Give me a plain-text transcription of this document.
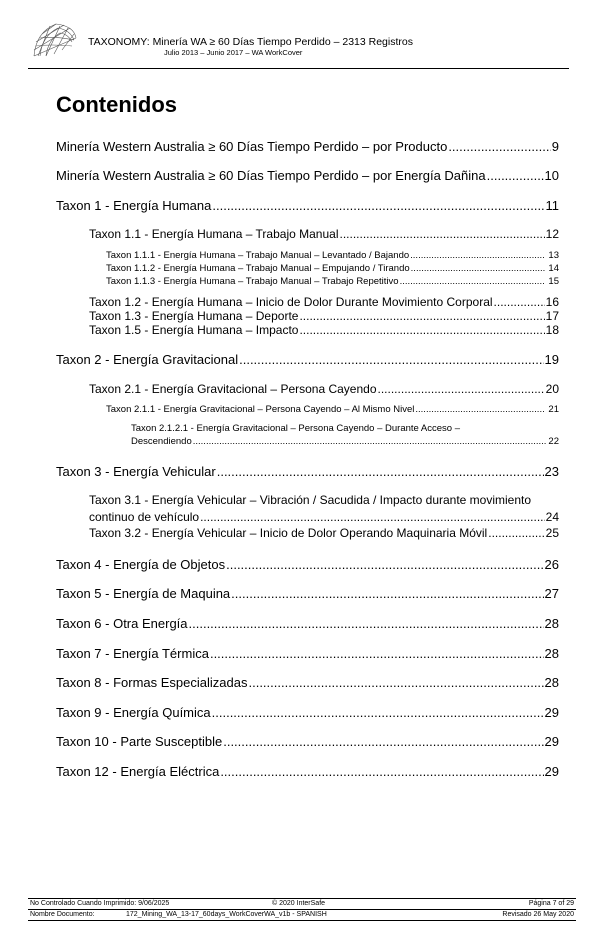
TAXONOMY: Minería WA ≥ 60 Días Tiempo Perdido – 2313 Registros
Julio 2013 – Junio 2017 – WA WorkCover
Contenidos
Minería Western Australia ≥ 60 Días Tiempo Perdido – por Producto .....	9
Minería Western Australia ≥ 60 Días Tiempo Perdido – por Energía Dañina .....	10
Taxon 1 - Energía Humana .....	11
Taxon 1.1 - Energía Humana – Trabajo Manual .....	12
Taxon 1.1.1 - Energía Humana – Trabajo Manual – Levantado / Bajando .....	13
Taxon 1.1.2 - Energía Humana – Trabajo Manual – Empujando / Tirando .....	14
Taxon 1.1.3 - Energía Humana – Trabajo Manual – Trabajo Repetitivo .....	15
Taxon 1.2 - Energía Humana – Inicio de Dolor Durante Movimiento Corporal .....	16
Taxon 1.3 - Energía Humana – Deporte .....	17
Taxon 1.5 - Energía Humana – Impacto .....	18
Taxon 2 - Energía Gravitacional .....	19
Taxon 2.1 - Energía Gravitacional – Persona Cayendo .....	20
Taxon 2.1.1 - Energía Gravitacional – Persona Cayendo – Al Mismo Nivel .....	21
Taxon 2.1.2.1 - Energía Gravitacional – Persona Cayendo – Durante Acceso –
Descendiendo .....	22
Taxon 3 - Energía Vehicular .....	23
Taxon 3.1 - Energía Vehicular – Vibración / Sacudida / Impacto durante movimiento
continuo de vehículo .....	24
Taxon 3.2 - Energía Vehicular – Inicio de Dolor Operando Maquinaria Móvil .....	25
Taxon 4 - Energía de Objetos .....	26
Taxon 5 - Energía de Maquina .....	27
Taxon 6 - Otra Energía .....	28
Taxon 7 - Energía Térmica .....	28
Taxon 8 - Formas Especializadas .....	28
Taxon 9 - Energía Química .....	29
Taxon 10 - Parte Susceptible .....	29
Taxon 12 - Energía Eléctrica .....	29
No Controlado Cuando Imprimido: 9/06/2025	© 2020 InterSafe	Página 7 of 29
Nombre Documento:	172_Mining_WA_13-17_60days_WorkCoverWA_v1b - SPANISH	Revisado 26 May 2020
